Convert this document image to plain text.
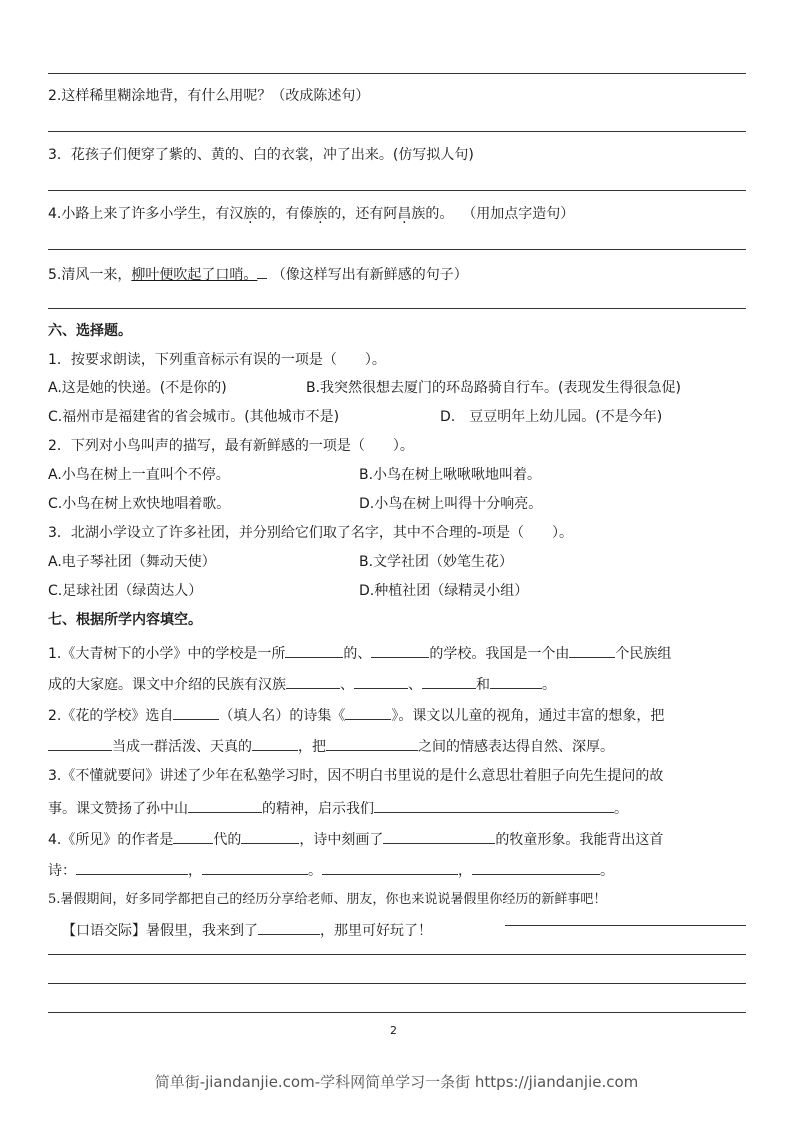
2.这样稀里糊涂地背，有什么用呢？（改成陈述句）
3．花孩子们便穿了紫的、黄的、白的衣裳，冲了出来。(仿写拟人句)
4.小路上来了许多小学生，有汉族的， ·有傣族的， ·还有阿昌族的。 · （用加点字造句）
5.清风一来，柳叶便吹起了口哨。 （像这样写出有新鲜感的句子）
六、选择题。
1．按要求朗读，下列重音标示有误的一项是（　　）。
A.这是她的快递。(不是你的)	B.我突然很想去厦门的环岛路骑自行车。(表现发生得很急促)
C.福州市是福建省的省会城市。(其他城市不是)	D.　豆豆明年上幼儿园。(不是今年)
2．下列对小鸟叫声的描写，最有新鲜感的一项是（　　）。
A.小鸟在树上一直叫个不停。	B.小鸟在树上啾啾啾地叫着。
C.小鸟在树上欢快地唱着歌。	D.小鸟在树上叫得十分响亮。
3．北湖小学设立了许多社团，并分别给它们取了名字，其中不合理的-项是（　　）。
A.电子琴社团（舞动天使）	B.文学社团（妙笔生花）
C.足球社团（绿茵达人）	D.种植社团（绿精灵小组）
七、根据所学内容填空。
1.《大青树下的小学》中的学校是一所	的、	的学校。我国是一个由	个民族组
成的大家庭。课文中介绍的民族有汉族	、	、	和	。
2.《花的学校》选自	（填人名）的诗集《	》。课文以儿童的视角，通过丰富的想象，把
当成一群活泼、天真的	，把	之间的情感表达得自然、深厚。
3.《不懂就要问》讲述了少年在私塾学习时，因不明白书里说的是什么意思壮着胆子向先生提问的故
事。课文赞扬了孙中山	的精神，启示我们	。
4.《所见》的作者是	代的	，诗中刻画了	的牧童形象。我能背出这首
诗：	，	。	，	。
5.暑假期间，好多同学都把自己的经历分享给老师、朋友，你也来说说暑假里你经历的新鲜事吧！
【口语交际】暑假里，我来到了	，那里可好玩了！
2
简单街-jiandanjie.com-学科网简单学习一条街 https://jiandanjie.com
